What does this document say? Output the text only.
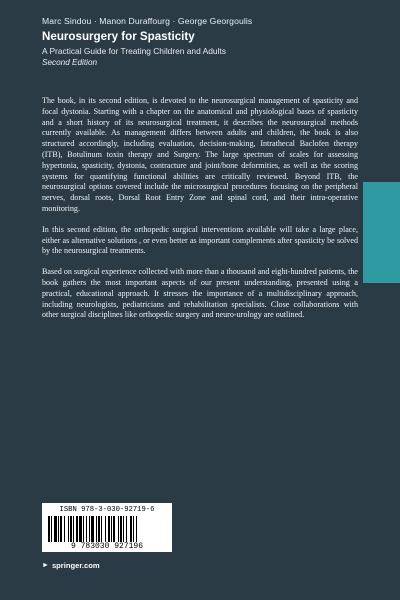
Marc Sindou · Manon Duraffourg · George Georgoulis
Neurosurgery for Spasticity
A Practical Guide for Treating Children and Adults
Second Edition

The book, in its second edition, is devoted to the neurosurgical management of spasticity and focal dystonia. Starting with a chapter on the anatomical and physiological bases of spasticity and a short history of its neurosurgical treatment, it describes the neurosurgical methods currently available. As management differs between adults and children, the book is also structured accordingly, including evaluation, decision-making, Intrathecal Baclofen therapy (ITB), Botulinum toxin therapy and Surgery. The large spectrum of scales for assessing hypertonia, spasticity, dystonia, contracture and joint/bone deformities, as well as the scoring systems for quantifying functional abilities are critically reviewed. Beyond ITB, the neurosurgical options covered include the microsurgical procedures focusing on the peripheral nerves, dorsal roots, Dorsal Root Entry Zone and spinal cord, and their intra-operative monitoring.

In this second edition, the orthopedic surgical interventions available will take a large place, either as alternative solutions , or even better as important complements after spasticity be solved by the neurosurgical treatments.

Based on surgical experience collected with more than a thousand and eight-hundred patients, the book gathers the most important aspects of our present understanding, presented using a practical, educational approach. It stresses the importance of a multidisciplinary approach, including neurologists, pediatricians and rehabilitation specialists. Close collaborations with other surgical disciplines like orthopedic surgery and neuro-urology are outlined.

ISBN 978-3-030-92719-6
9 783030 927196
► springer.com
